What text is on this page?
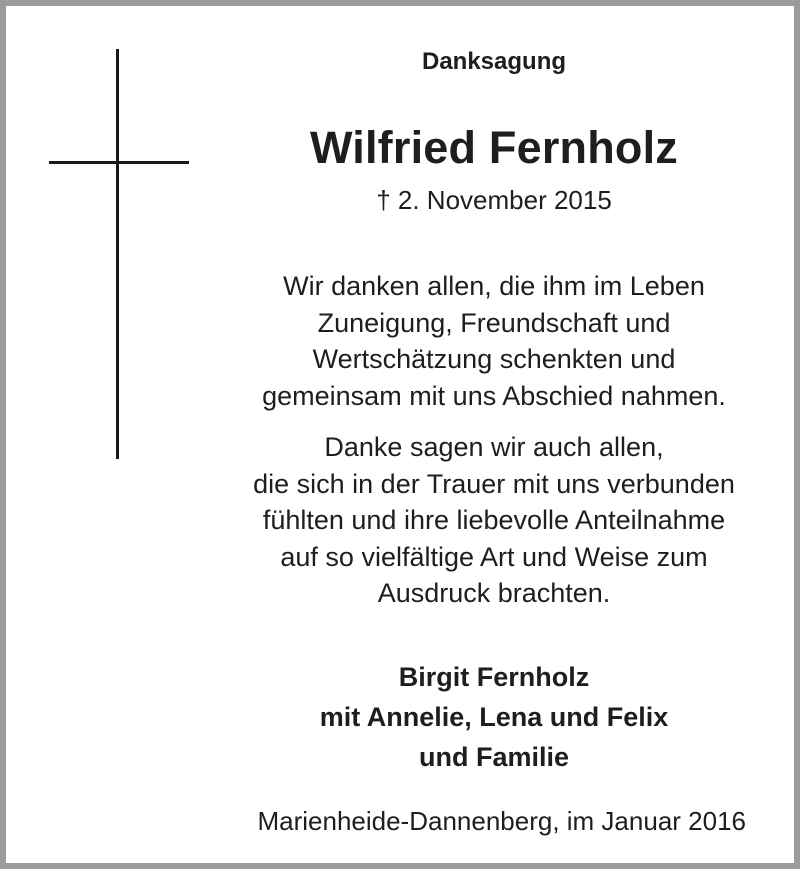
Danksagung
Wilfried Fernholz
† 2. November 2015
Wir danken allen, die ihm im Leben
Zuneigung, Freundschaft und
Wertschätzung schenkten und
gemeinsam mit uns Abschied nahmen.
Danke sagen wir auch allen,
die sich in der Trauer mit uns verbunden
fühlten und ihre liebevolle Anteilnahme
auf so vielfältige Art und Weise zum
Ausdruck brachten.
Birgit Fernholz
mit Annelie, Lena und Felix
und Familie
Marienheide-Dannenberg, im Januar 2016
